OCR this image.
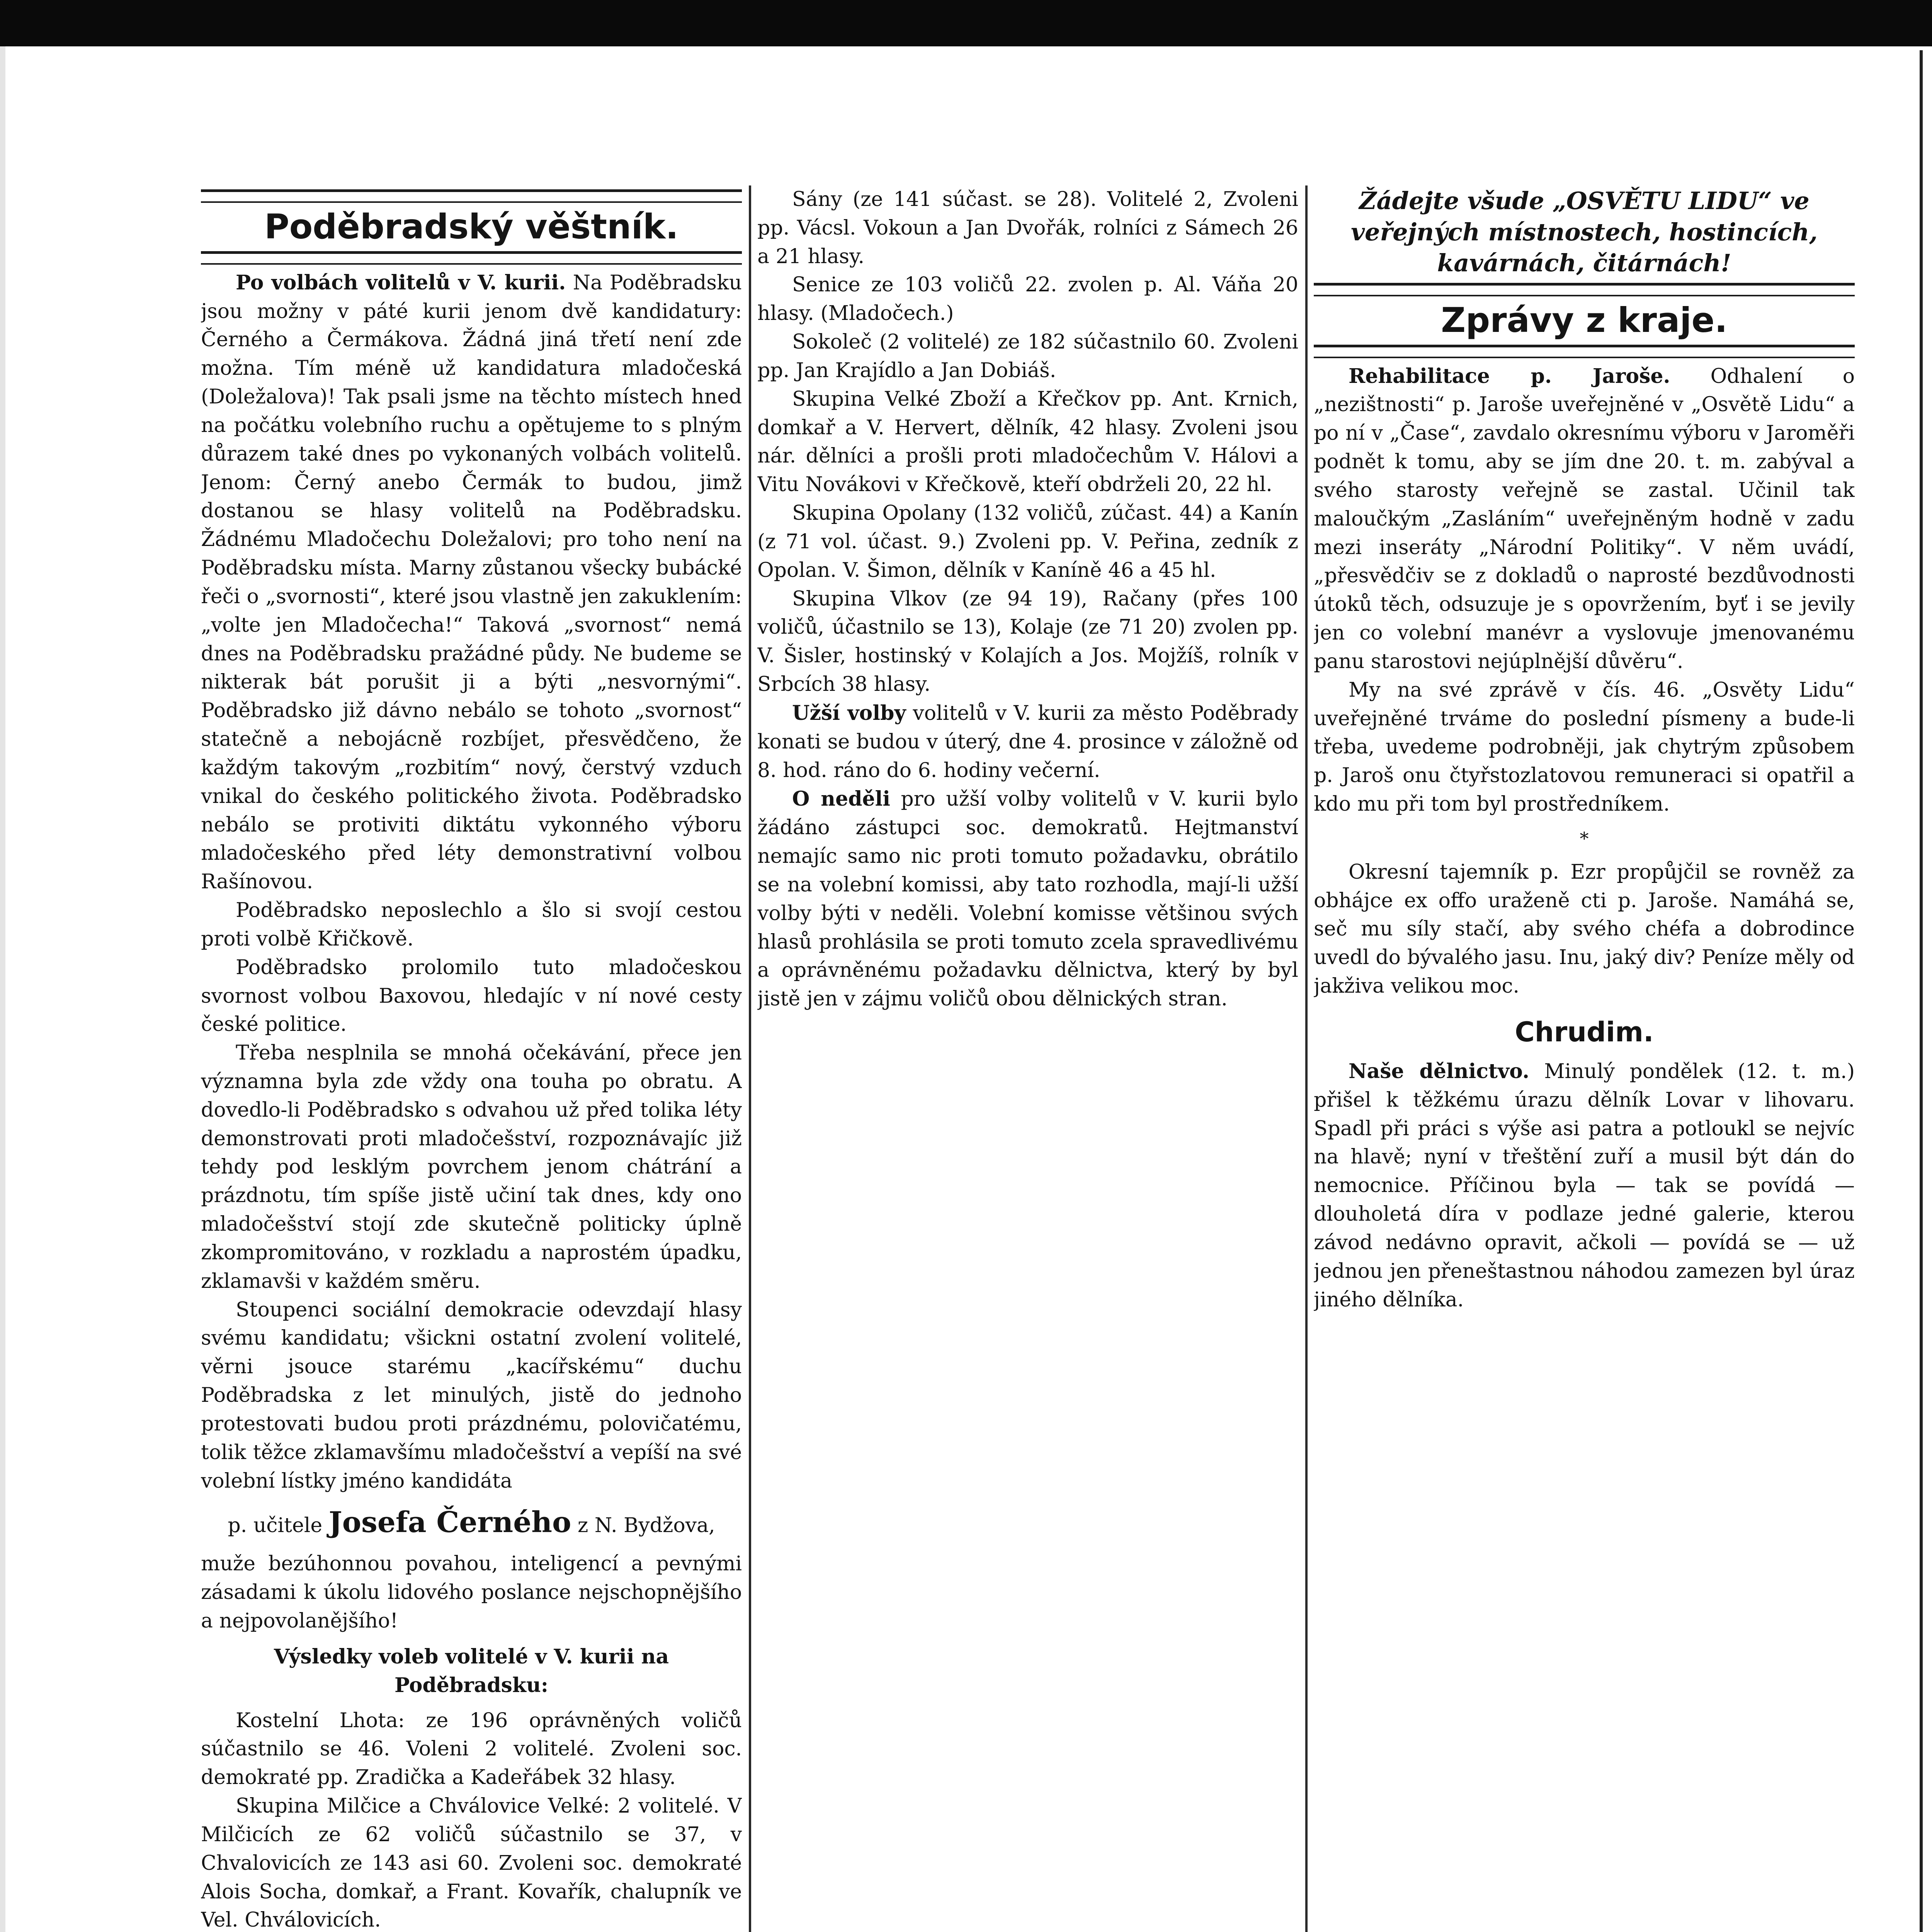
Poděbradský věštník.

Po volbách volitelů v V. kurii. Na Poděbradsku jsou možny v páté kurii jenom dvě kandidatury: Černého a Čermákova. Žádná jiná třetí není zde možna. Tím méně už kandidatura mladočeská (Doležalova)! Tak psali jsme na těchto místech hned na počátku volebního ruchu a opětujeme to s plným důrazem také dnes po vykonaných volbách volitelů. Jenom: Černý anebo Čermák to budou, jimž dostanou se hlasy volitelů na Poděbradsku. Žádnému Mladočechu Doležalovi; pro toho není na Poděbradsku místa. Marny zůstanou všecky bubácké řeči o „svornosti“, které jsou vlastně jen zakuklením: „volte jen Mladočecha!“ Taková „svornost“ nemá dnes na Poděbradsku pražádné půdy. Ne budeme se nikterak bát porušit ji a býti „nesvornými“. Poděbradsko již dávno nebálo se tohoto „svornost“ statečně a nebojácně rozbíjet, přesvědčeno, že každým takovým „rozbitím“ nový, čerstvý vzduch vnikal do českého politického života. Poděbradsko nebálo se protiviti diktátu vykonného výboru mladočeského před léty demonstrativní volbou Rašínovou.

Poděbradsko neposlechlo a šlo si svojí cestou proti volbě Křičkově.

Poděbradsko prolomilo tuto mladočeskou svornost volbou Baxovou, hledajíc v ní nové cesty české politice.

Třeba nesplnila se mnohá očekávání, přece jen významna byla zde vždy ona touha po obratu. A dovedlo-li Poděbradsko s odvahou už před tolika léty demonstrovati proti mladočešství, rozpoznávajíc již tehdy pod lesklým povrchem jenom chátrání a prázdnotu, tím spíše jistě učiní tak dnes, kdy ono mladočešství stojí zde skutečně politicky úplně zkompromitováno, v rozkladu a naprostém úpadku, zklamavši v každém směru.

Stoupenci sociální demokracie odevzdají hlasy svému kandidatu; všickni ostatní zvolení volitelé, věrni jsouce starému „kacířskému“ duchu Poděbradska z let minulých, jistě do jednoho protestovati budou proti prázdnému, polovičatému, tolik těžce zklamavšímu mladočešství a vepíší na své volební lístky jméno kandidáta

p. učitele Josefa Černého z N. Bydžova,

muže bezúhonnou povahou, inteligencí a pevnými zásadami k úkolu lidového poslance nejschopnějšího a nejpovolanějšího!

Výsledky voleb volitelé v V. kurii na Poděbradsku:

Kostelní Lhota: ze 196 oprávněných voličů súčastnilo se 46. Voleni 2 volitelé. Zvoleni soc. demokraté pp. Zradička a Kadeřábek 32 hlasy.

Skupina Milčice a Chválovice Velké: 2 volitelé. V Milčicích ze 62 voličů súčastnilo se 37, v Chvalovicích ze 143 asi 60. Zvoleni soc. demokraté Alois Socha, domkař, a Frant. Kovařík, chalupník ve Vel. Chválovicích.

Sány (ze 141 súčast. se 28). Volitelé 2, Zvoleni pp. Vácsl. Vokoun a Jan Dvořák, rolníci z Sámech 26 a 21 hlasy.

Senice ze 103 voličů 22. zvolen p. Al. Váňa 20 hlasy. (Mladočech.)

Sokoleč (2 volitelé) ze 182 súčastnilo 60. Zvoleni pp. Jan Krajídlo a Jan Dobiáš.

Skupina Velké Zboží a Křečkov pp. Ant. Krnich, domkař a V. Hervert, dělník, 42 hlasy. Zvoleni jsou nár. dělníci a prošli proti mladočechům V. Hálovi a Vitu Novákovi v Křečkově, kteří obdrželi 20, 22 hl.

Skupina Opolany (132 voličů, zúčast. 44) a Kanín (z 71 vol. účast. 9.) Zvoleni pp. V. Peřina, zedník z Opolan. V. Šimon, dělník v Kaníně 46 a 45 hl.

Skupina Vlkov (ze 94 19), Račany (přes 100 voličů, účastnilo se 13), Kolaje (ze 71 20) zvolen pp. V. Šisler, hostinský v Kolajích a Jos. Mojžíš, rolník v Srbcích 38 hlasy.

Užší volby volitelů v V. kurii za město Poděbrady konati se budou v úterý, dne 4. prosince v záložně od 8. hod. ráno do 6. hodiny večerní.

O neděli pro užší volby volitelů v V. kurii bylo žádáno zástupci soc. demokratů. Hejtmanství nemajíc samo nic proti tomuto požadavku, obrátilo se na volební komissi, aby tato rozhodla, mají-li užší volby býti v neděli. Volební komisse většinou svých hlasů prohlásila se proti tomuto zcela spravedlivému a oprávněnému požadavku dělnictva, který by byl jistě jen v zájmu voličů obou dělnických stran.

Žádejte všude „OSVĚTU LIDU“ ve veřejných místnostech, hostincích, kavárnách, čitárnách!
Zprávy z kraje.

Rehabilitace p. Jaroše. Odhalení o „nezištnosti“ p. Jaroše uveřejněné v „Osvětě Lidu“ a po ní v „Čase“, zavdalo okresnímu výboru v Jaroměři podnět k tomu, aby se jím dne 20. t. m. zabýval a svého starosty veřejně se zastal. Učinil tak maloučkým „Zasláním“ uveřejněným hodně v zadu mezi inseráty „Národní Politiky“. V něm uvádí, „přesvědčiv se z dokladů o naprosté bezdůvodnosti útoků těch, odsuzuje je s opovržením, byť i se jevily jen co volební manévr a vyslovuje jmenovanému panu starostovi nejúplnější důvěru“.

My na své zprávě v čís. 46. „Osvěty Lidu“ uveřejněné trváme do poslední písmeny a bude-li třeba, uvedeme podrobněji, jak chytrým způsobem p. Jaroš onu čtyřstozlatovou remuneraci si opatřil a kdo mu při tom byl prostředníkem.

*

Okresní tajemník p. Ezr propůjčil se rovněž za obhájce ex offo uraženě cti p. Jaroše. Namáhá se, seč mu síly stačí, aby svého chéfa a dobrodince uvedl do bývalého jasu. Inu, jaký div? Peníze měly od jakživa velikou moc.

Chrudim.

Naše dělnictvo. Minulý pondělek (12. t. m.) přišel k těžkému úrazu dělník Lovar v lihovaru. Spadl při práci s výše asi patra a potloukl se nejvíc na hlavě; nyní v třeštění zuří a musil být dán do nemocnice. Příčinou byla — tak se povídá — dlouholetá díra v podlaze jedné galerie, kterou závod nedávno opravit, ačkoli — povídá se — už jednou jen přeneštastnou náhodou zamezen byl úraz jiného dělníka.
